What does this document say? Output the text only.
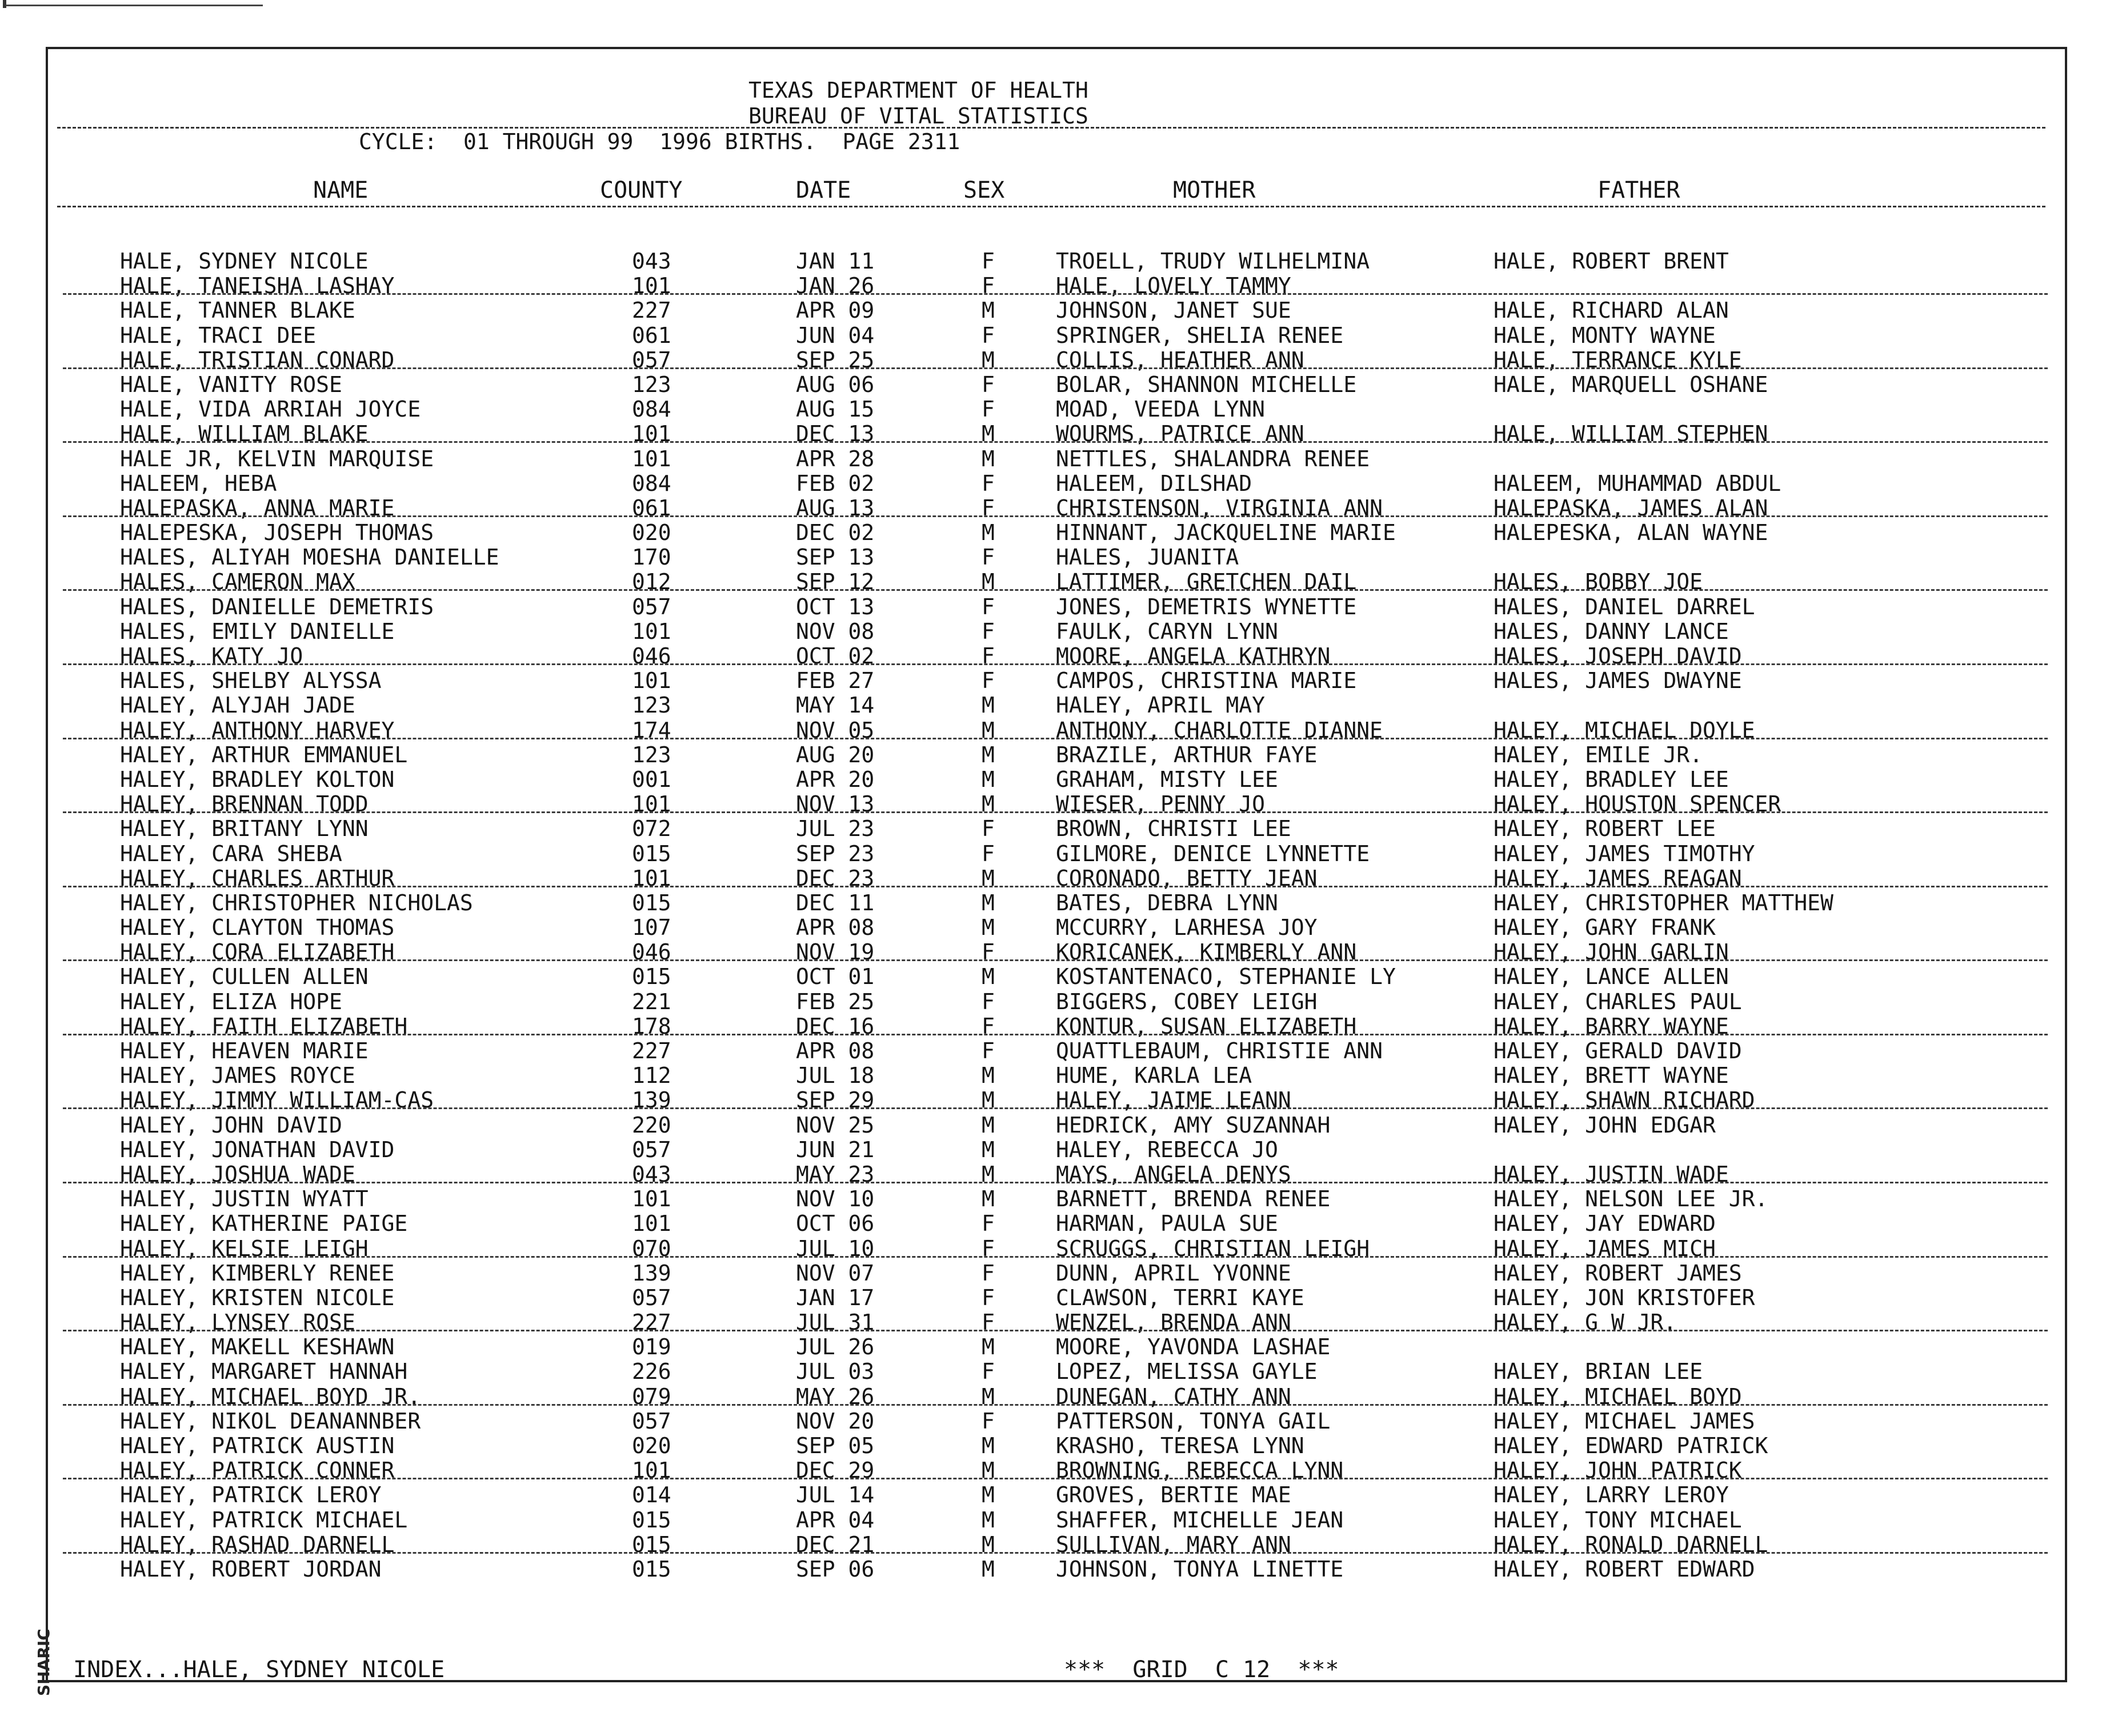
SHARIC
TEXAS DEPARTMENT OF HEALTH
BUREAU OF VITAL STATISTICS
CYCLE:  01 THROUGH 99  1996 BIRTHS.  PAGE 2311
NAME	COUNTY	DATE	SEX	MOTHER	FATHER
HALE, SYDNEY NICOLE	043	JAN 11	F	TROELL, TRUDY WILHELMINA	HALE, ROBERT BRENT
HALE, TANEISHA LASHAY	101	JAN 26	F	HALE, LOVELY TAMMY
HALE, TANNER BLAKE	227	APR 09	M	JOHNSON, JANET SUE	HALE, RICHARD ALAN
HALE, TRACI DEE	061	JUN 04	F	SPRINGER, SHELIA RENEE	HALE, MONTY WAYNE
HALE, TRISTIAN CONARD	057	SEP 25	M	COLLIS, HEATHER ANN	HALE, TERRANCE KYLE
HALE, VANITY ROSE	123	AUG 06	F	BOLAR, SHANNON MICHELLE	HALE, MARQUELL OSHANE
HALE, VIDA ARRIAH JOYCE	084	AUG 15	F	MOAD, VEEDA LYNN
HALE, WILLIAM BLAKE	101	DEC 13	M	WOURMS, PATRICE ANN	HALE, WILLIAM STEPHEN
HALE JR, KELVIN MARQUISE	101	APR 28	M	NETTLES, SHALANDRA RENEE
HALEEM, HEBA	084	FEB 02	F	HALEEM, DILSHAD	HALEEM, MUHAMMAD ABDUL
HALEPASKA, ANNA MARIE	061	AUG 13	F	CHRISTENSON, VIRGINIA ANN	HALEPASKA, JAMES ALAN
HALEPESKA, JOSEPH THOMAS	020	DEC 02	M	HINNANT, JACKQUELINE MARIE	HALEPESKA, ALAN WAYNE
HALES, ALIYAH MOESHA DANIELLE	170	SEP 13	F	HALES, JUANITA
HALES, CAMERON MAX	012	SEP 12	M	LATTIMER, GRETCHEN DAIL	HALES, BOBBY JOE
HALES, DANIELLE DEMETRIS	057	OCT 13	F	JONES, DEMETRIS WYNETTE	HALES, DANIEL DARREL
HALES, EMILY DANIELLE	101	NOV 08	F	FAULK, CARYN LYNN	HALES, DANNY LANCE
HALES, KATY JO	046	OCT 02	F	MOORE, ANGELA KATHRYN	HALES, JOSEPH DAVID
HALES, SHELBY ALYSSA	101	FEB 27	F	CAMPOS, CHRISTINA MARIE	HALES, JAMES DWAYNE
HALEY, ALYJAH JADE	123	MAY 14	M	HALEY, APRIL MAY
HALEY, ANTHONY HARVEY	174	NOV 05	M	ANTHONY, CHARLOTTE DIANNE	HALEY, MICHAEL DOYLE
HALEY, ARTHUR EMMANUEL	123	AUG 20	M	BRAZILE, ARTHUR FAYE	HALEY, EMILE JR.
HALEY, BRADLEY KOLTON	001	APR 20	M	GRAHAM, MISTY LEE	HALEY, BRADLEY LEE
HALEY, BRENNAN TODD	101	NOV 13	M	WIESER, PENNY JO	HALEY, HOUSTON SPENCER
HALEY, BRITANY LYNN	072	JUL 23	F	BROWN, CHRISTI LEE	HALEY, ROBERT LEE
HALEY, CARA SHEBA	015	SEP 23	F	GILMORE, DENICE LYNNETTE	HALEY, JAMES TIMOTHY
HALEY, CHARLES ARTHUR	101	DEC 23	M	CORONADO, BETTY JEAN	HALEY, JAMES REAGAN
HALEY, CHRISTOPHER NICHOLAS	015	DEC 11	M	BATES, DEBRA LYNN	HALEY, CHRISTOPHER MATTHEW
HALEY, CLAYTON THOMAS	107	APR 08	M	MCCURRY, LARHESA JOY	HALEY, GARY FRANK
HALEY, CORA ELIZABETH	046	NOV 19	F	KORICANEK, KIMBERLY ANN	HALEY, JOHN GARLIN
HALEY, CULLEN ALLEN	015	OCT 01	M	KOSTANTENACO, STEPHANIE LY	HALEY, LANCE ALLEN
HALEY, ELIZA HOPE	221	FEB 25	F	BIGGERS, COBEY LEIGH	HALEY, CHARLES PAUL
HALEY, FAITH ELIZABETH	178	DEC 16	F	KONTUR, SUSAN ELIZABETH	HALEY, BARRY WAYNE
HALEY, HEAVEN MARIE	227	APR 08	F	QUATTLEBAUM, CHRISTIE ANN	HALEY, GERALD DAVID
HALEY, JAMES ROYCE	112	JUL 18	M	HUME, KARLA LEA	HALEY, BRETT WAYNE
HALEY, JIMMY WILLIAM-CAS	139	SEP 29	M	HALEY, JAIME LEANN	HALEY, SHAWN RICHARD
HALEY, JOHN DAVID	220	NOV 25	M	HEDRICK, AMY SUZANNAH	HALEY, JOHN EDGAR
HALEY, JONATHAN DAVID	057	JUN 21	M	HALEY, REBECCA JO
HALEY, JOSHUA WADE	043	MAY 23	M	MAYS, ANGELA DENYS	HALEY, JUSTIN WADE
HALEY, JUSTIN WYATT	101	NOV 10	M	BARNETT, BRENDA RENEE	HALEY, NELSON LEE JR.
HALEY, KATHERINE PAIGE	101	OCT 06	F	HARMAN, PAULA SUE	HALEY, JAY EDWARD
HALEY, KELSIE LEIGH	070	JUL 10	F	SCRUGGS, CHRISTIAN LEIGH	HALEY, JAMES MICH
HALEY, KIMBERLY RENEE	139	NOV 07	F	DUNN, APRIL YVONNE	HALEY, ROBERT JAMES
HALEY, KRISTEN NICOLE	057	JAN 17	F	CLAWSON, TERRI KAYE	HALEY, JON KRISTOFER
HALEY, LYNSEY ROSE	227	JUL 31	F	WENZEL, BRENDA ANN	HALEY, G W JR.
HALEY, MAKELL KESHAWN	019	JUL 26	M	MOORE, YAVONDA LASHAE
HALEY, MARGARET HANNAH	226	JUL 03	F	LOPEZ, MELISSA GAYLE	HALEY, BRIAN LEE
HALEY, MICHAEL BOYD JR.	079	MAY 26	M	DUNEGAN, CATHY ANN	HALEY, MICHAEL BOYD
HALEY, NIKOL DEANANNBER	057	NOV 20	F	PATTERSON, TONYA GAIL	HALEY, MICHAEL JAMES
HALEY, PATRICK AUSTIN	020	SEP 05	M	KRASHO, TERESA LYNN	HALEY, EDWARD PATRICK
HALEY, PATRICK CONNER	101	DEC 29	M	BROWNING, REBECCA LYNN	HALEY, JOHN PATRICK
HALEY, PATRICK LEROY	014	JUL 14	M	GROVES, BERTIE MAE	HALEY, LARRY LEROY
HALEY, PATRICK MICHAEL	015	APR 04	M	SHAFFER, MICHELLE JEAN	HALEY, TONY MICHAEL
HALEY, RASHAD DARNELL	015	DEC 21	M	SULLIVAN, MARY ANN	HALEY, RONALD DARNELL
HALEY, ROBERT JORDAN	015	SEP 06	M	JOHNSON, TONYA LINETTE	HALEY, ROBERT EDWARD
INDEX...HALE, SYDNEY NICOLE	***  GRID  C 12  ***
